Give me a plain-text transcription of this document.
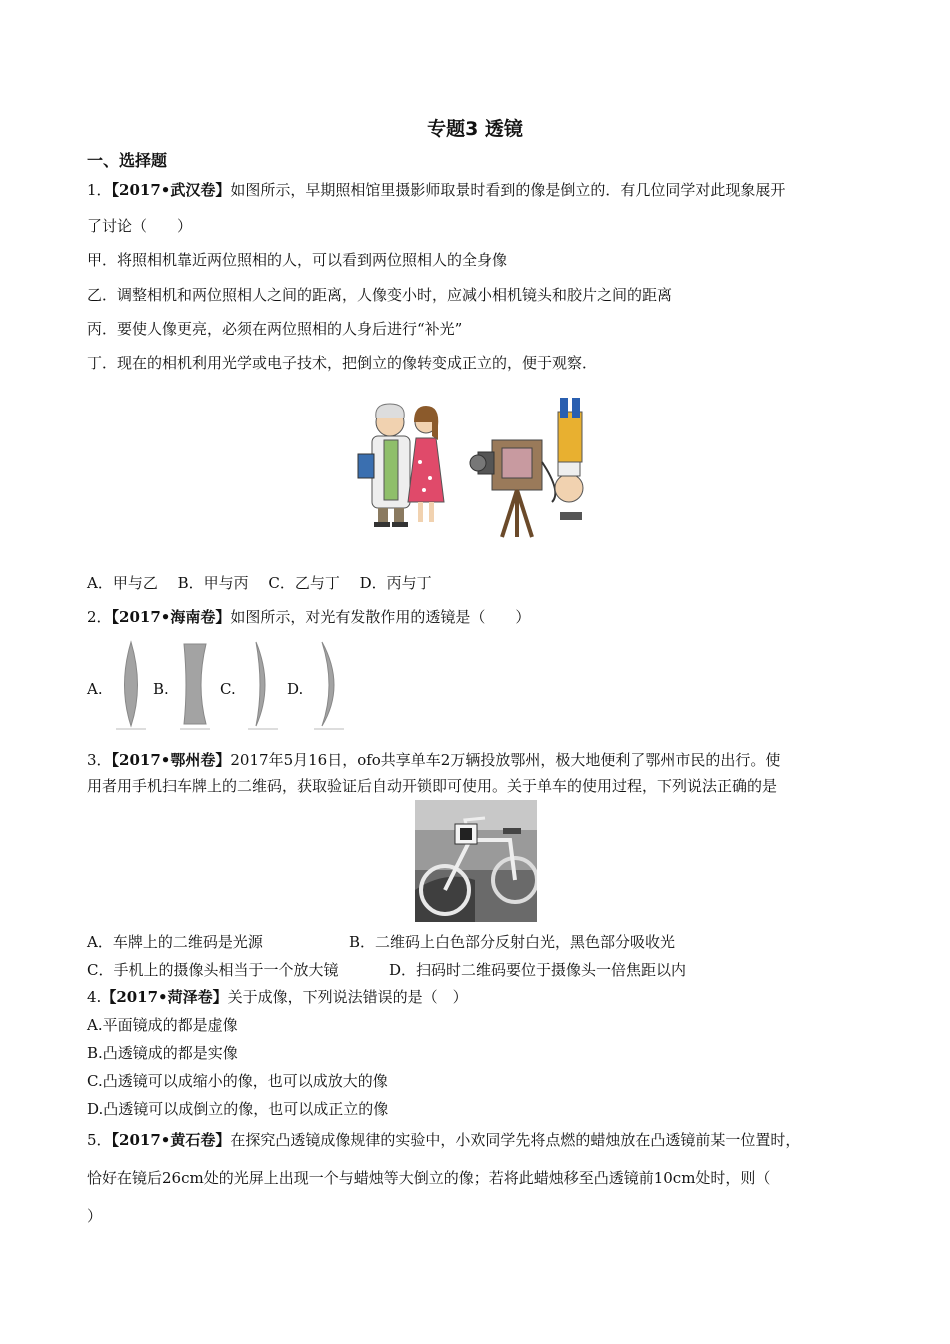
专题3 透镜
一、选择题
1．【2017•武汉卷】如图所示，早期照相馆里摄影师取景时看到的像是倒立的．有几位同学对此现象展开
了讨论（　　）
甲．将照相机靠近两位照相的人，可以看到两位照相人的全身像
乙．调整相机和两位照相人之间的距离，人像变小时，应减小相机镜头和胶片之间的距离
丙．要使人像更亮，必须在两位照相的人身后进行“补光”
丁．现在的相机利用光学或电子技术，把倒立的像转变成正立的，便于观察．
A．甲与乙　 B．甲与丙　 C．乙与丁　 D．丙与丁
2．【2017•海南卷】如图所示，对光有发散作用的透镜是（　　）
A.	B.	C.	D.
3．【2017•鄂州卷】2017年5月16日，ofo共享单车2万辆投放鄂州，极大地便利了鄂州市民的出行。使
用者用手机扫车牌上的二维码，获取验证后自动开锁即可使用。关于单车的使用过程，下列说法正确的是
A．车牌上的二维码是光源	B．二维码上白色部分反射白光，黑色部分吸收光
C．手机上的摄像头相当于一个放大镜	D．扫码时二维码要位于摄像头一倍焦距以内
4.【2017•菏泽卷】关于成像，下列说法错误的是（　）
A.平面镜成的都是虚像
B.凸透镜成的都是实像
C.凸透镜可以成缩小的像，也可以成放大的像
D.凸透镜可以成倒立的像，也可以成正立的像
5．【2017•黄石卷】在探究凸透镜成像规律的实验中，小欢同学先将点燃的蜡烛放在凸透镜前某一位置时，
恰好在镜后26cm处的光屏上出现一个与蜡烛等大倒立的像；若将此蜡烛移至凸透镜前10cm处时，则（
）
